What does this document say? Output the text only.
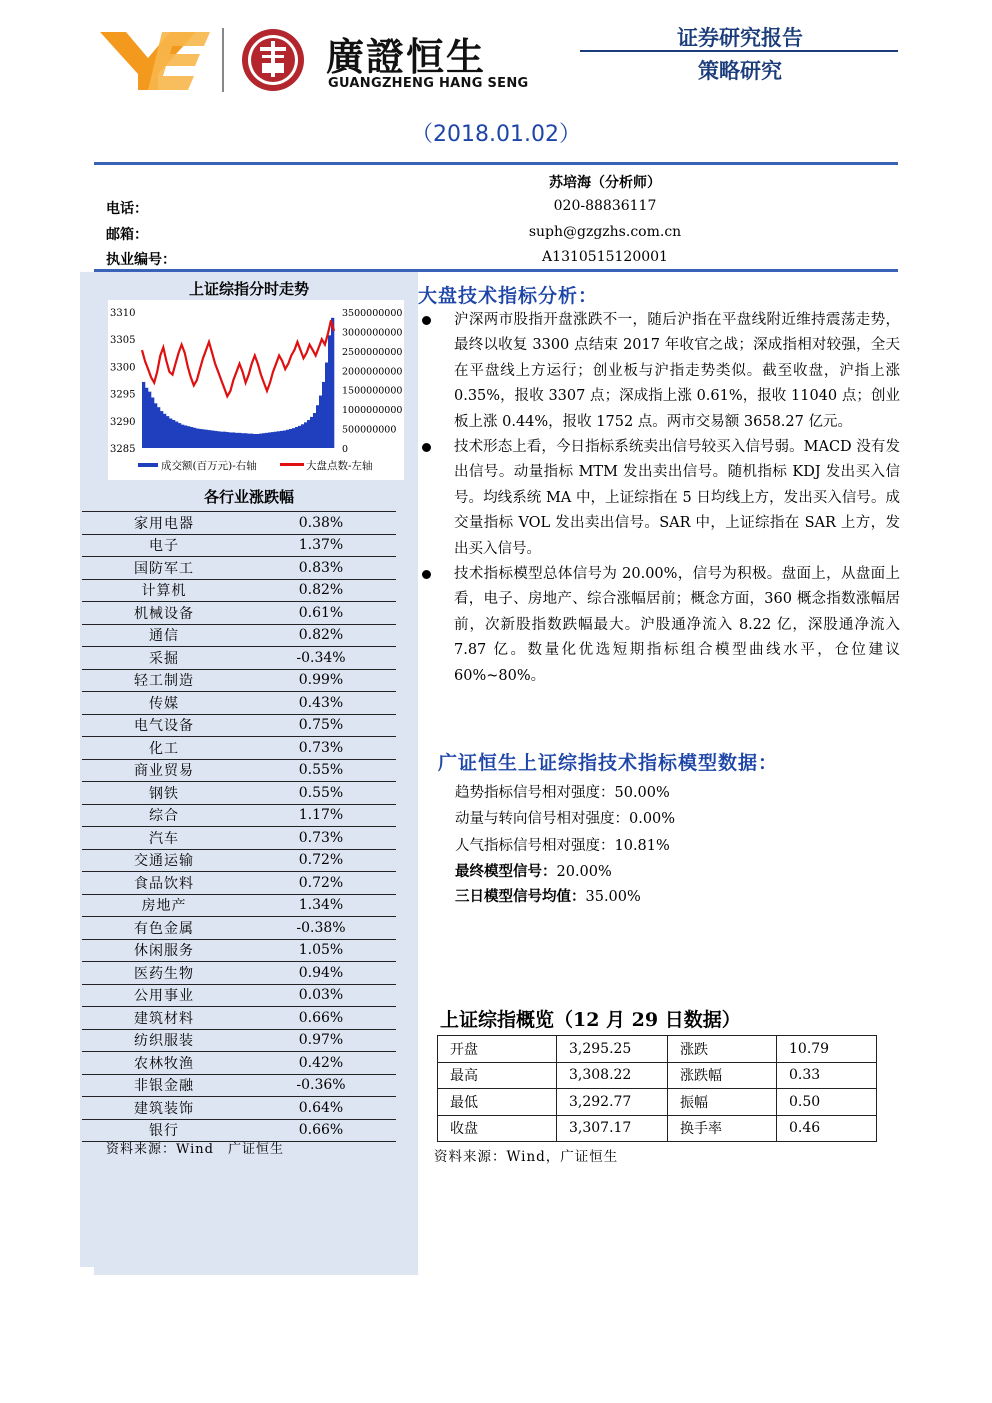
廣證恒生
GUANGZHENG HANG SENG
证券研究报告
策略研究
（2018.01.02）
苏培海（分析师）
电话：	020-88836117
邮箱：	suph@gzgzhs.com.cn
执业编号：	A1310515120001
上证综指分时走势
3310
3305
3300
3295
3290
3285
3500000000
3000000000
2500000000
2000000000
1500000000
1000000000
500000000
0
成交额(百万元)-右轴	大盘点数-左轴
各行业涨跌幅
家用电器	0.38%
电子	1.37%
国防军工	0.83%
计算机	0.82%
机械设备	0.61%
通信	0.82%
采掘	-0.34%
轻工制造	0.99%
传媒	0.43%
电气设备	0.75%
化工	0.73%
商业贸易	0.55%
钢铁	0.55%
综合	1.17%
汽车	0.73%
交通运输	0.72%
食品饮料	0.72%
房地产	1.34%
有色金属	-0.38%
休闲服务	1.05%
医药生物	0.94%
公用事业	0.03%
建筑材料	0.66%
纺织服装	0.97%
农林牧渔	0.42%
非银金融	-0.36%
建筑装饰	0.64%
银行	0.66%
资料来源：Wind　广证恒生
大盘技术指标分析：
沪深两市股指开盘涨跌不一，随后沪指在平盘线附近维持震荡走势，最终以收复 3300 点结束 2017 年收官之战；深成指相对较强，全天在平盘线上方运行；创业板与沪指走势类似。截至收盘，沪指上涨 0.35%，报收 3307 点；深成指上涨 0.61%，报收 11040 点；创业板上涨 0.44%，报收 1752 点。两市交易额 3658.27 亿元。
技术形态上看，今日指标系统卖出信号较买入信号弱。MACD 没有发出信号。动量指标 MTM 发出卖出信号。随机指标 KDJ 发出买入信号。均线系统 MA 中，上证综指在 5 日均线上方，发出买入信号。成交量指标 VOL 发出卖出信号。SAR 中，上证综指在 SAR 上方，发出买入信号。
技术指标模型总体信号为 20.00%，信号为积极。盘面上，从盘面上看，电子、房地产、综合涨幅居前；概念方面，360 概念指数涨幅居前，次新股指数跌幅最大。沪股通净流入 8.22 亿，深股通净流入 7.87 亿。数量化优选短期指标组合模型曲线水平，仓位建议 60%~80%。
广证恒生上证综指技术指标模型数据：
趋势指标信号相对强度：50.00%
动量与转向信号相对强度：0.00%
人气指标信号相对强度：10.81%
最终模型信号：20.00%
三日模型信号均值：35.00%
上证综指概览（12 月 29 日数据）
开盘	3,295.25	涨跌	10.79
最高	3,308.22	涨跌幅	0.33
最低	3,292.77	振幅	0.50
收盘	3,307.17	换手率	0.46
资料来源：Wind，广证恒生
